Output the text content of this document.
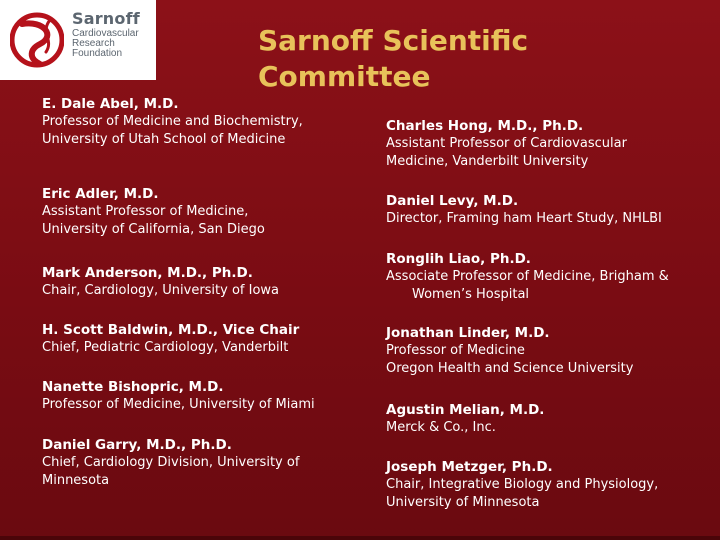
Sarnoff
Cardiovascular
Research
Foundation	Sarnoff Scientific
Committee
E. Dale Abel, M.D.
Professor of Medicine and Biochemistry,
University of Utah School of Medicine
Eric Adler, M.D.
Assistant Professor of Medicine,
University of California, San Diego
Mark Anderson, M.D., Ph.D.
Chair, Cardiology, University of Iowa
H. Scott Baldwin, M.D., Vice Chair
Chief, Pediatric Cardiology, Vanderbilt
Nanette Bishopric, M.D.
Professor of Medicine, University of Miami
Daniel Garry, M.D., Ph.D.
Chief, Cardiology Division, University of
Minnesota
Charles Hong, M.D., Ph.D.
Assistant Professor of Cardiovascular
Medicine, Vanderbilt University
Daniel Levy, M.D.
Director, Framing ham Heart Study, NHLBI
Ronglih Liao, Ph.D.
Associate Professor of Medicine, Brigham &
Women’s Hospital
Jonathan Linder, M.D.
Professor of Medicine
Oregon Health and Science University
Agustin Melian, M.D.
Merck & Co., Inc.
Joseph Metzger, Ph.D.
Chair, Integrative Biology and Physiology,
University of Minnesota
